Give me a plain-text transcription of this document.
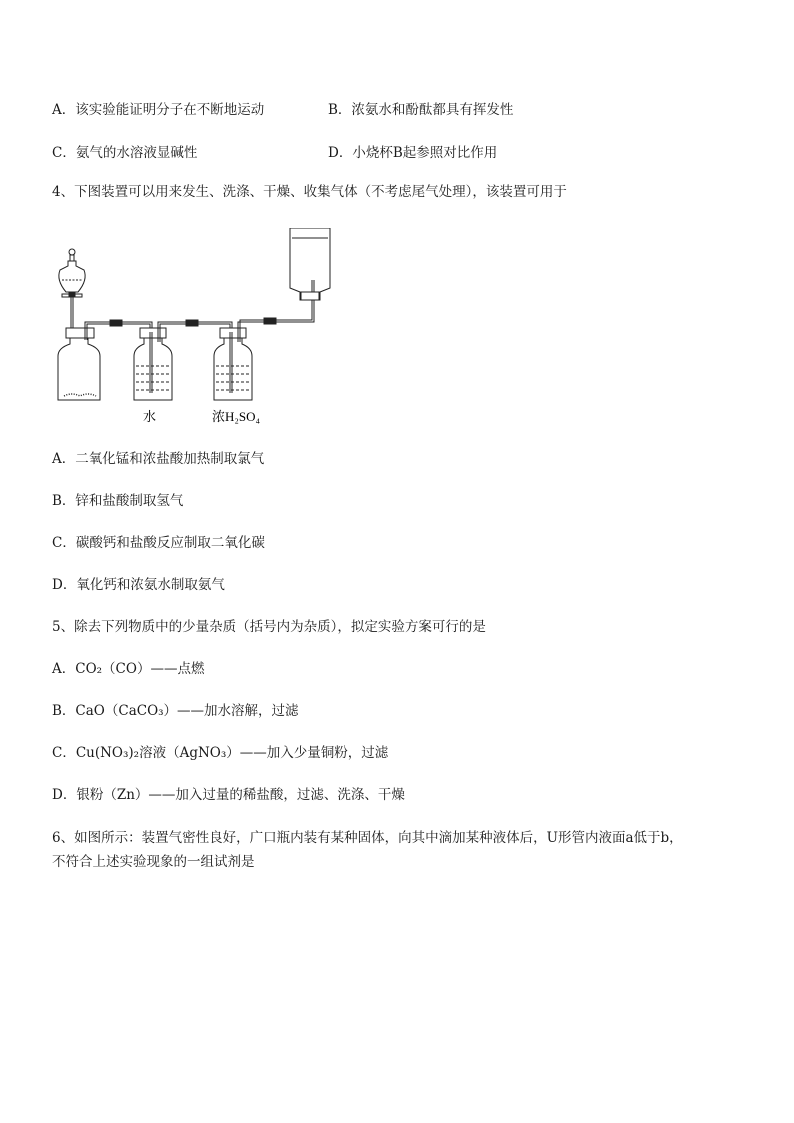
A．该实验能证明分子在不断地运动	B．浓氨水和酚酞都具有挥发性
C．氨气的水溶液显碱性	D．小烧杯B起参照对比作用
4、下图装置可以用来发生、洗涤、干燥、收集气体（不考虑尾气处理），该装置可用于
水	浓H₂SO₄
A．二氧化锰和浓盐酸加热制取氯气
B．锌和盐酸制取氢气
C．碳酸钙和盐酸反应制取二氧化碳
D．氧化钙和浓氨水制取氨气
5、除去下列物质中的少量杂质（括号内为杂质），拟定实验方案可行的是
A．CO₂（CO）——点燃
B．CaO（CaCO₃）——加水溶解，过滤
C．Cu(NO₃)₂溶液（AgNO₃）——加入少量铜粉，过滤
D．银粉（Zn）——加入过量的稀盐酸，过滤、洗涤、干燥
6、如图所示：装置气密性良好，广口瓶内装有某种固体，向其中滴加某种液体后，U形管内液面a低于b，
不符合上述实验现象的一组试剂是
